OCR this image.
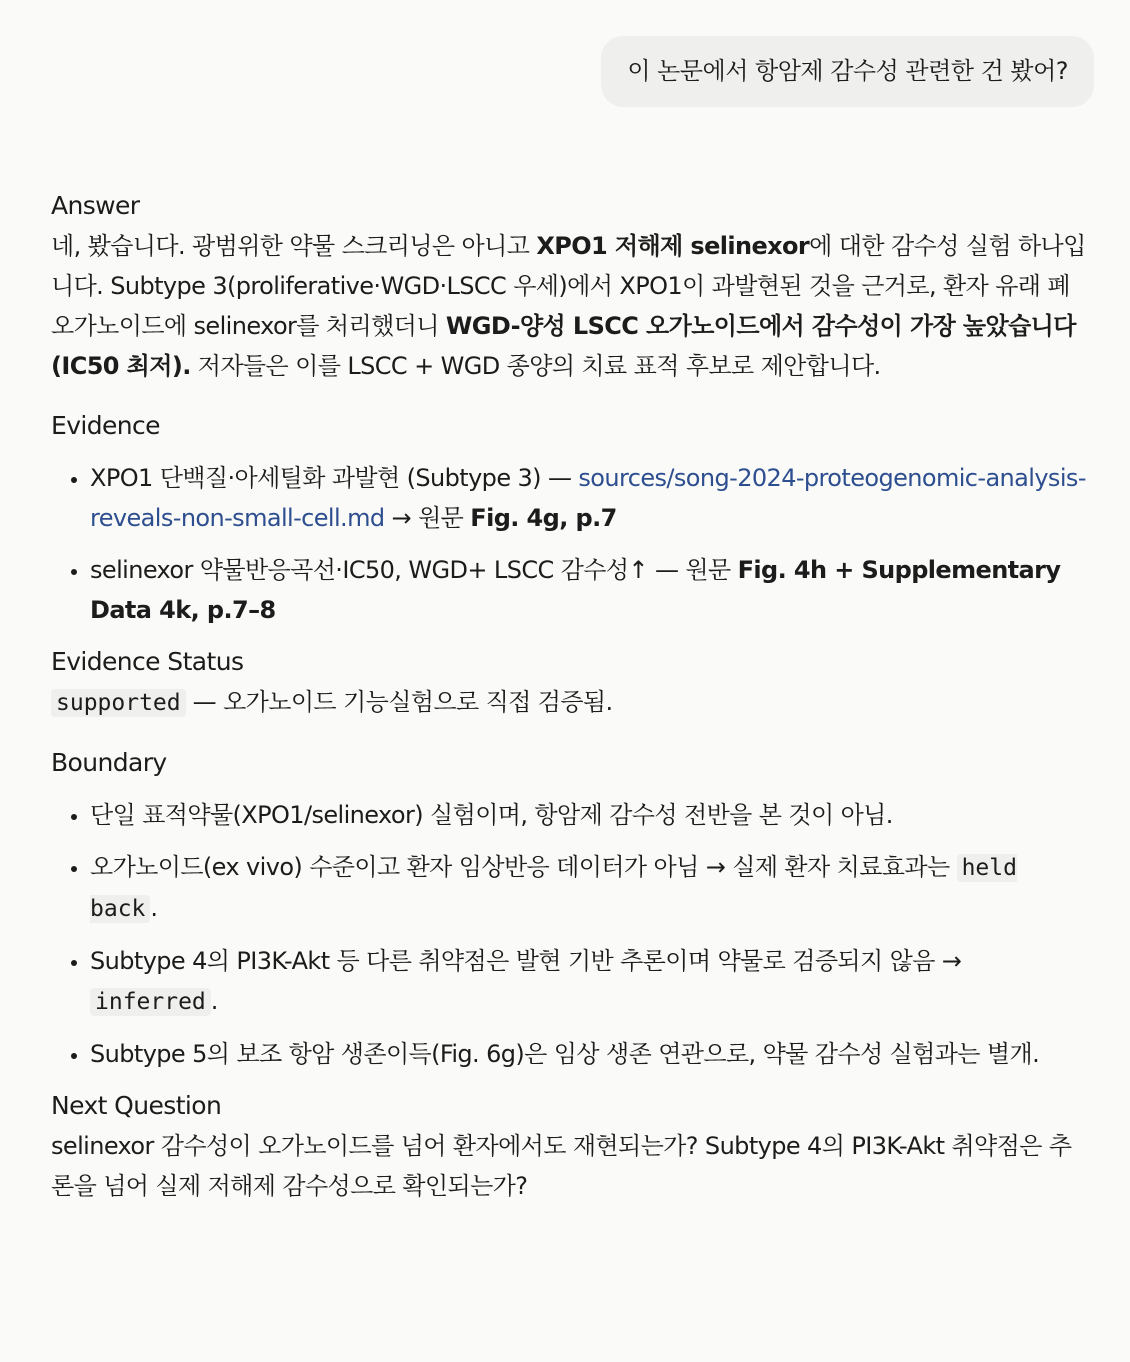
이 논문에서 항암제 감수성 관련한 건 봤어?
Answer

네, 봤습니다. 광범위한 약물 스크리닝은 아니고 XPO1 저해제 selinexor에 대한 감수성 실험 하나입니다. Subtype 3(proliferative·WGD·LSCC 우세)에서 XPO1이 과발현된 것을 근거로, 환자 유래 폐 오가노이드에 selinexor를 처리했더니 WGD-양성 LSCC 오가노이드에서 감수성이 가장 높았습니다(IC50 최저). 저자들은 이를 LSCC + WGD 종양의 치료 표적 후보로 제안합니다.

Evidence
• XPO1 단백질·아세틸화 과발현 (Subtype 3) — sources/song-2024-proteogenomic-analysis-reveals-non-small-cell.md → 원문 Fig. 4g, p.7
• selinexor 약물반응곡선·IC50, WGD+ LSCC 감수성↑ — 원문 Fig. 4h + Supplementary Data 4k, p.7–8
Evidence Status

supported — 오가노이드 기능실험으로 직접 검증됨.

Boundary
• 단일 표적약물(XPO1/selinexor) 실험이며, 항암제 감수성 전반을 본 것이 아님.
• 오가노이드(ex vivo) 수준이고 환자 임상반응 데이터가 아님 → 실제 환자 치료효과는 held back .
• Subtype 4의 PI3K-Akt 등 다른 취약점은 발현 기반 추론이며 약물로 검증되지 않음 → inferred .
• Subtype 5의 보조 항암 생존이득(Fig. 6g)은 임상 생존 연관으로, 약물 감수성 실험과는 별개.
Next Question

selinexor 감수성이 오가노이드를 넘어 환자에서도 재현되는가? Subtype 4의 PI3K-Akt 취약점은 추론을 넘어 실제 저해제 감수성으로 확인되는가?
